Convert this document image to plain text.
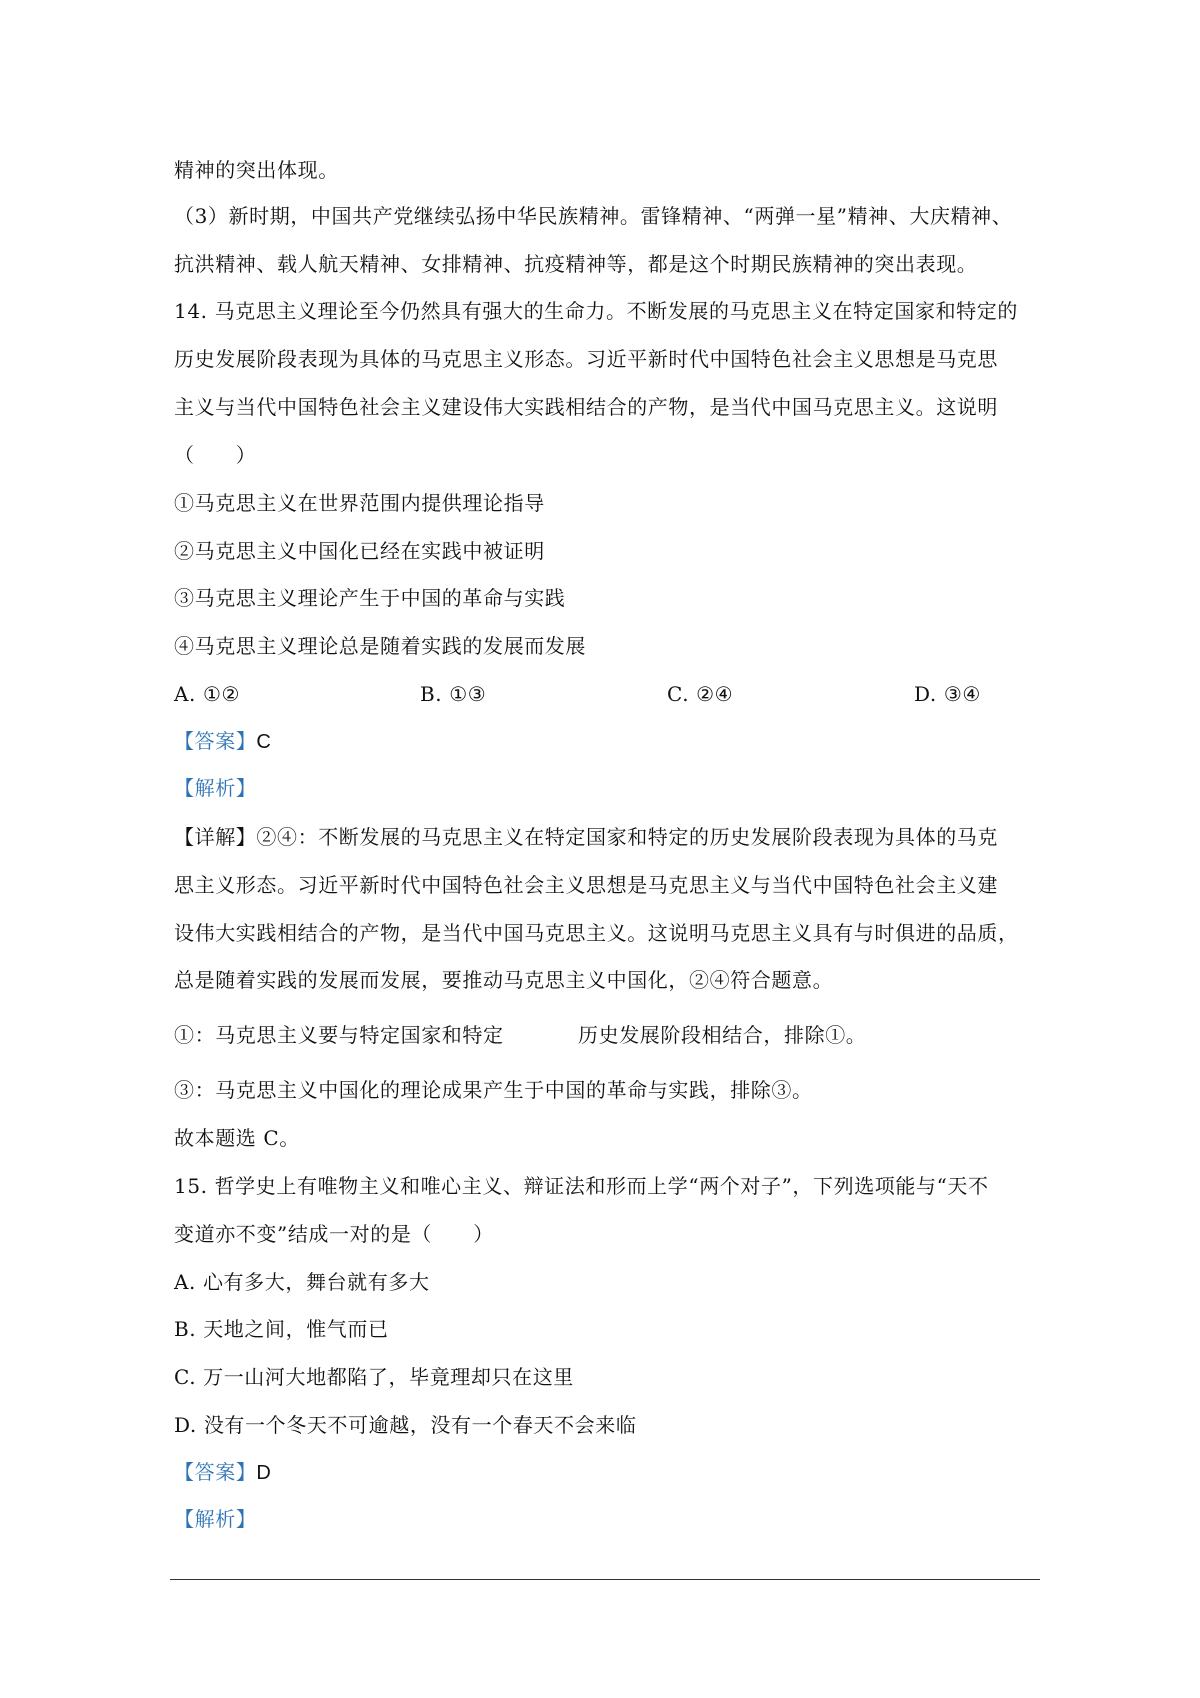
精神的突出体现。
（3）新时期，中国共产党继续弘扬中华民族精神。雷锋精神、“两弹一星”精神、大庆精神、
抗洪精神、载人航天精神、女排精神、抗疫精神等，都是这个时期民族精神的突出表现。
14. 马克思主义理论至今仍然具有强大的生命力。不断发展的马克思主义在特定国家和特定的
历史发展阶段表现为具体的马克思主义形态。习近平新时代中国特色社会主义思想是马克思
主义与当代中国特色社会主义建设伟大实践相结合的产物，是当代中国马克思主义。这说明
（　　）
①马克思主义在世界范围内提供理论指导
②马克思主义中国化已经在实践中被证明
③马克思主义理论产生于中国的革命与实践
④马克思主义理论总是随着实践的发展而发展
A. ①②	B. ①③	C. ②④	D. ③④
【答案】C
【解析】
【详解】②④：不断发展的马克思主义在特定国家和特定的历史发展阶段表现为具体的马克
思主义形态。习近平新时代中国特色社会主义思想是马克思主义与当代中国特色社会主义建
设伟大实践相结合的产物，是当代中国马克思主义。这说明马克思主义具有与时俱进的品质，
总是随着实践的发展而发展，要推动马克思主义中国化，②④符合题意。
①：马克思主义要与特定国家和特定	历史发展阶段相结合，排除①。
③：马克思主义中国化的理论成果产生于中国的革命与实践，排除③。
故本题选 C。
15. 哲学史上有唯物主义和唯心主义、辩证法和形而上学“两个对子”，下列选项能与“天不
变道亦不变”结成一对的是（　　）
A. 心有多大，舞台就有多大
B. 天地之间，惟气而已
C. 万一山河大地都陷了，毕竟理却只在这里
D. 没有一个冬天不可逾越，没有一个春天不会来临
【答案】D
【解析】
